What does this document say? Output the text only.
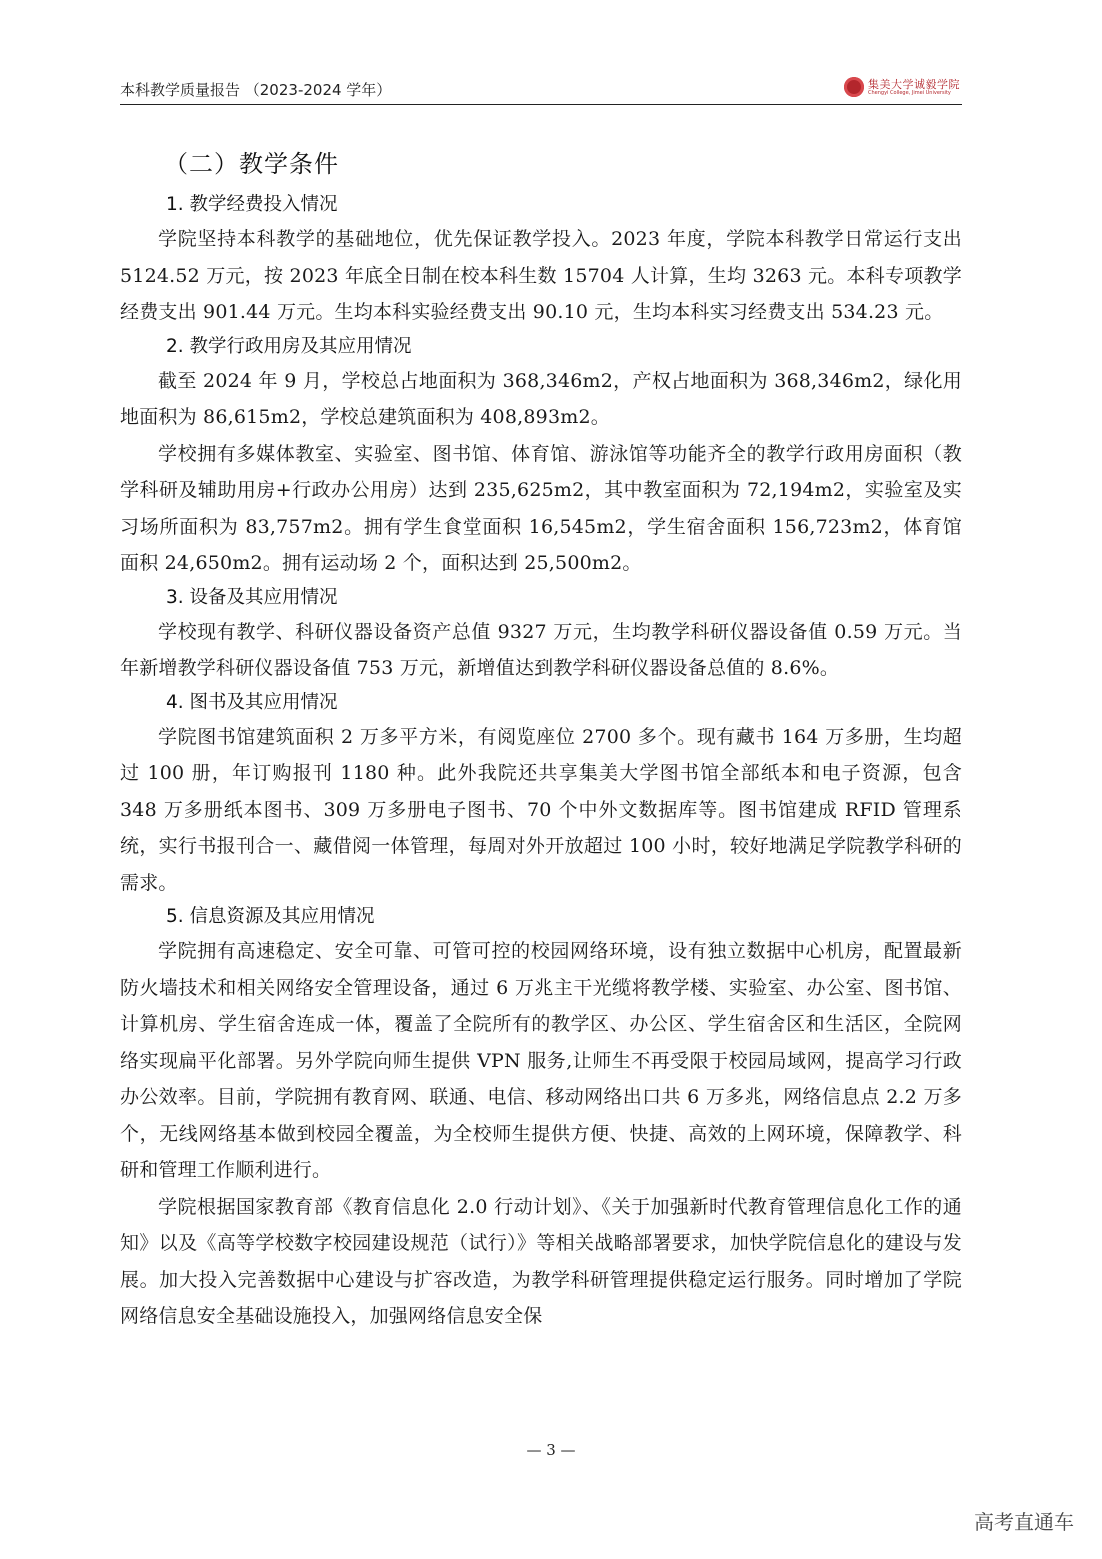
本科教学质量报告 （2023-2024 学年）	集美大学诚毅学院
Chengyi College, Jimei University
（二）教学条件
1. 教学经费投入情况

学院坚持本科教学的基础地位，优先保证教学投入。2023 年度，学院本科教学日常运行支出 5124.52 万元，按 2023 年底全日制在校本科生数 15704 人计算，生均 3263 元。本科专项教学经费支出 901.44 万元。生均本科实验经费支出 90.10 元，生均本科实习经费支出 534.23 元。

2. 教学行政用房及其应用情况

截至 2024 年 9 月，学校总占地面积为 368,346m2，产权占地面积为 368,346m2，绿化用地面积为 86,615m2，学校总建筑面积为 408,893m2。

学校拥有多媒体教室、实验室、图书馆、体育馆、游泳馆等功能齐全的教学行政用房面积（教学科研及辅助用房+行政办公用房）达到 235,625m2，其中教室面积为 72,194m2，实验室及实习场所面积为 83,757m2。拥有学生食堂面积 16,545m2，学生宿舍面积 156,723m2，体育馆面积 24,650m2。拥有运动场 2 个，面积达到 25,500m2。

3. 设备及其应用情况

学校现有教学、科研仪器设备资产总值 9327 万元，生均教学科研仪器设备值 0.59 万元。当年新增教学科研仪器设备值 753 万元，新增值达到教学科研仪器设备总值的 8.6%。

4. 图书及其应用情况

学院图书馆建筑面积 2 万多平方米，有阅览座位 2700 多个。现有藏书 164 万多册，生均超过 100 册，年订购报刊 1180 种。此外我院还共享集美大学图书馆全部纸本和电子资源，包含 348 万多册纸本图书、309 万多册电子图书、70 个中外文数据库等。图书馆建成 RFID 管理系统，实行书报刊合一、藏借阅一体管理，每周对外开放超过 100 小时，较好地满足学院教学科研的需求。

5. 信息资源及其应用情况

学院拥有高速稳定、安全可靠、可管可控的校园网络环境，设有独立数据中心机房，配置最新防火墙技术和相关网络安全管理设备，通过 6 万兆主干光缆将教学楼、实验室、办公室、图书馆、计算机房、学生宿舍连成一体，覆盖了全院所有的教学区、办公区、学生宿舍区和生活区，全院网络实现扁平化部署。另外学院向师生提供 VPN 服务,让师生不再受限于校园局域网，提高学习行政办公效率。目前，学院拥有教育网、联通、电信、移动网络出口共 6 万多兆，网络信息点 2.2 万多个，无线网络基本做到校园全覆盖，为全校师生提供方便、快捷、高效的上网环境，保障教学、科研和管理工作顺利进行。

学院根据国家教育部《教育信息化 2.0 行动计划》、《关于加强新时代教育管理信息化工作的通知》以及《高等学校数字校园建设规范（试行）》等相关战略部署要求，加快学院信息化的建设与发展。加大投入完善数据中心建设与扩容改造，为教学科研管理提供稳定运行服务。同时增加了学院网络信息安全基础设施投入，加强网络信息安全保

— 3 —
高考直通车
